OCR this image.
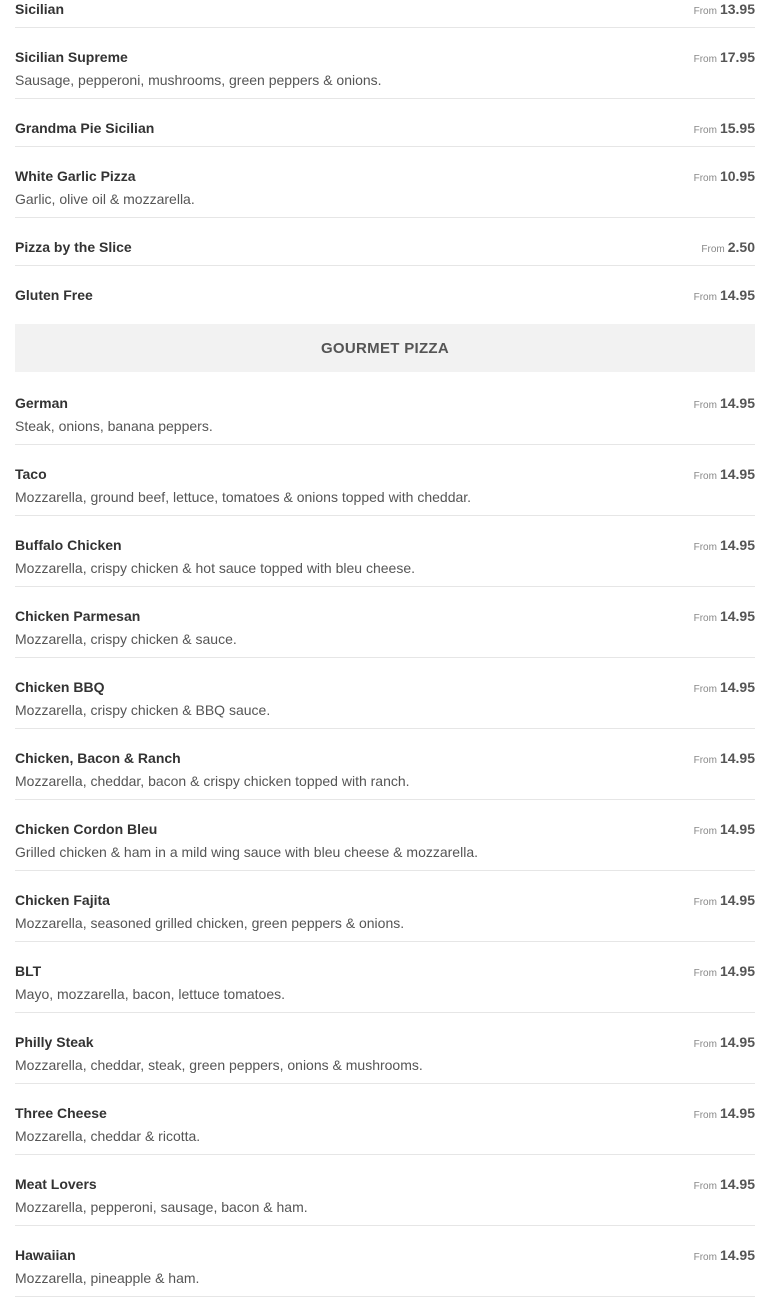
Sicilian	From 13.95
Sicilian Supreme	From 17.95
Sausage, pepperoni, mushrooms, green peppers & onions.
Grandma Pie Sicilian	From 15.95
White Garlic Pizza	From 10.95
Garlic, olive oil & mozzarella.
Pizza by the Slice	From 2.50
Gluten Free	From 14.95
GOURMET PIZZA
German	From 14.95
Steak, onions, banana peppers.
Taco	From 14.95
Mozzarella, ground beef, lettuce, tomatoes & onions topped with cheddar.
Buffalo Chicken	From 14.95
Mozzarella, crispy chicken & hot sauce topped with bleu cheese.
Chicken Parmesan	From 14.95
Mozzarella, crispy chicken & sauce.
Chicken BBQ	From 14.95
Mozzarella, crispy chicken & BBQ sauce.
Chicken, Bacon & Ranch	From 14.95
Mozzarella, cheddar, bacon & crispy chicken topped with ranch.
Chicken Cordon Bleu	From 14.95
Grilled chicken & ham in a mild wing sauce with bleu cheese & mozzarella.
Chicken Fajita	From 14.95
Mozzarella, seasoned grilled chicken, green peppers & onions.
BLT	From 14.95
Mayo, mozzarella, bacon, lettuce tomatoes.
Philly Steak	From 14.95
Mozzarella, cheddar, steak, green peppers, onions & mushrooms.
Three Cheese	From 14.95
Mozzarella, cheddar & ricotta.
Meat Lovers	From 14.95
Mozzarella, pepperoni, sausage, bacon & ham.
Hawaiian	From 14.95
Mozzarella, pineapple & ham.
